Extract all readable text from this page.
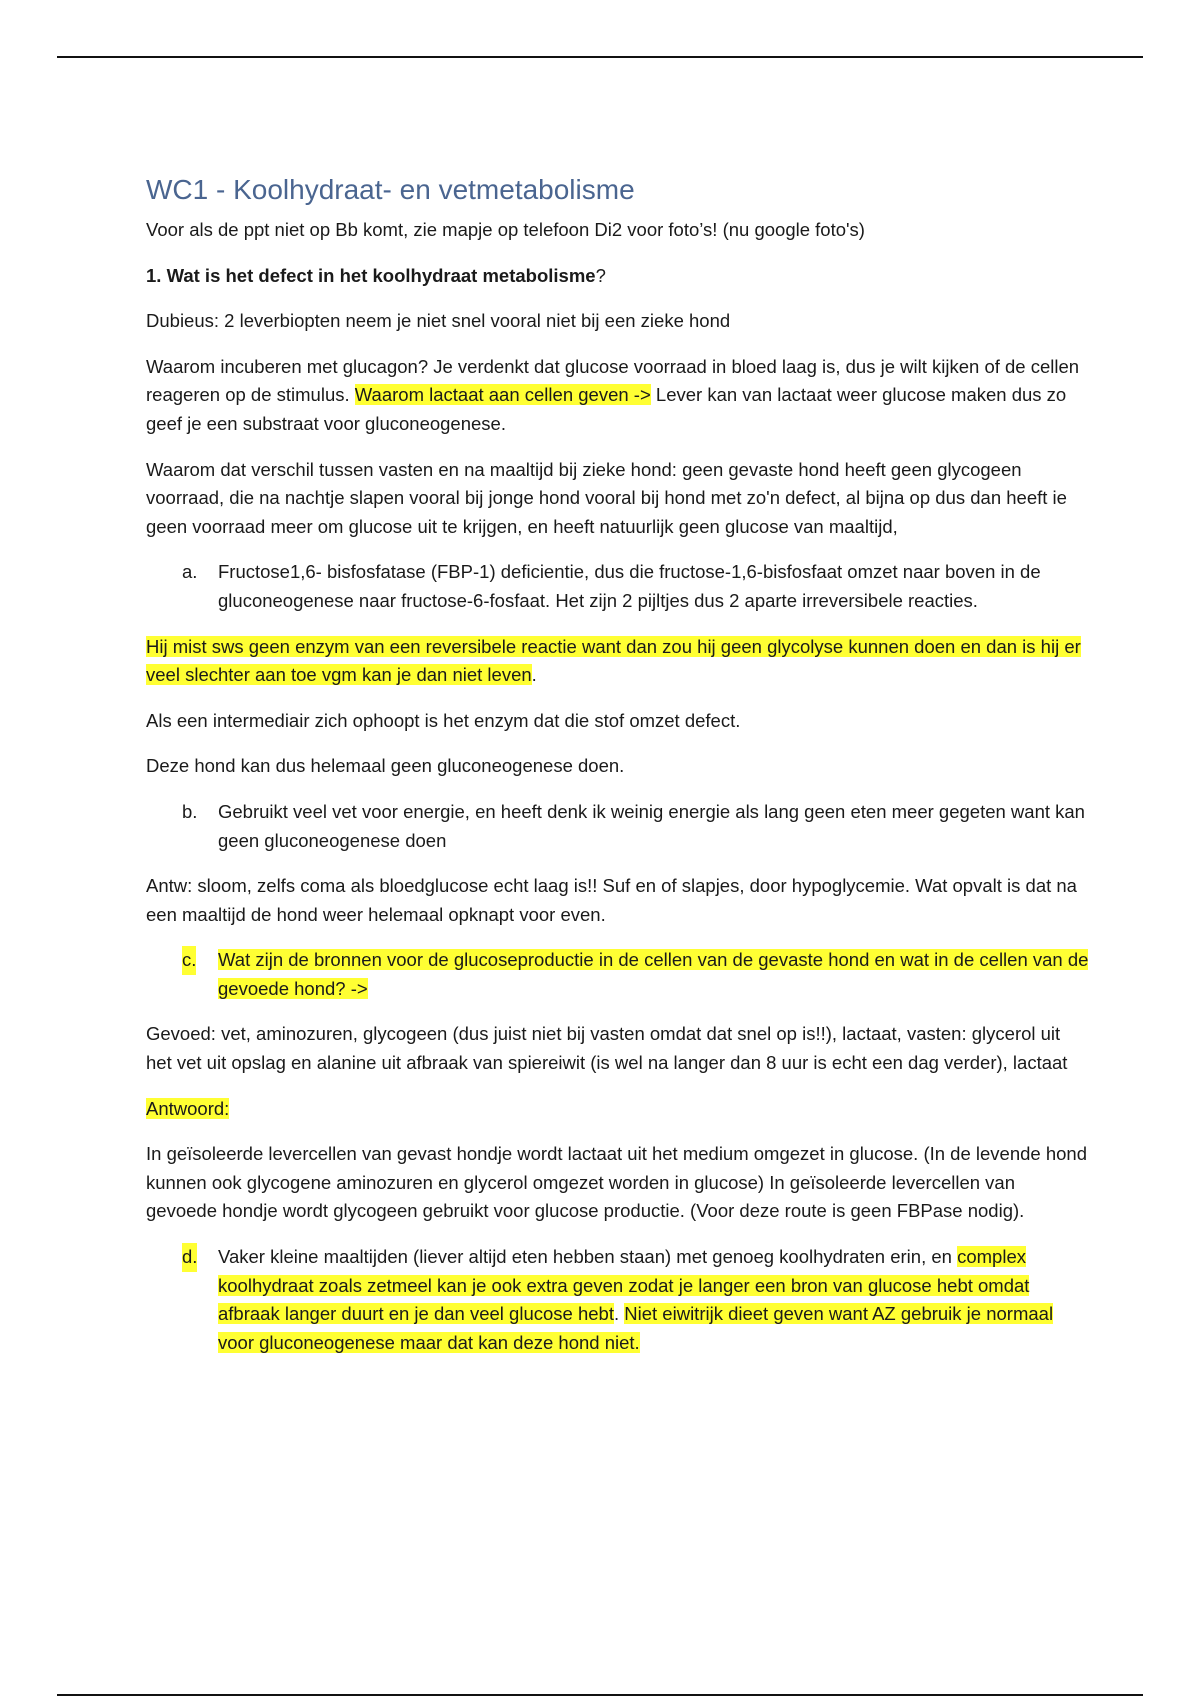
WC1 - Koolhydraat- en vetmetabolisme

Voor als de ppt niet op Bb komt, zie mapje op telefoon Di2 voor foto’s! (nu google foto's)

1. Wat is het defect in het koolhydraat metabolisme?

Dubieus: 2 leverbiopten neem je niet snel vooral niet bij een zieke hond

Waarom incuberen met glucagon? Je verdenkt dat glucose voorraad in bloed laag is, dus je wilt kijken of de cellen reageren op de stimulus. Waarom lactaat aan cellen geven -> Lever kan van lactaat weer glucose maken dus zo geef je een substraat voor gluconeogenese.

Waarom dat verschil tussen vasten en na maaltijd bij zieke hond: geen gevaste hond heeft geen glycogeen voorraad, die na nachtje slapen vooral bij jonge hond vooral bij hond met zo'n defect, al bijna op dus dan heeft ie geen voorraad meer om glucose uit te krijgen, en heeft natuurlijk geen glucose van maaltijd,

a. Fructose1,6- bisfosfatase (FBP-1) deficientie, dus die fructose-1,6-bisfosfaat omzet naar boven in de gluconeogenese naar fructose-6-fosfaat. Het zijn 2 pijltjes dus 2 aparte irreversibele reacties.

Hij mist sws geen enzym van een reversibele reactie want dan zou hij geen glycolyse kunnen doen en dan is hij er veel slechter aan toe vgm kan je dan niet leven.

Als een intermediair zich ophoopt is het enzym dat die stof omzet defect.

Deze hond kan dus helemaal geen gluconeogenese doen.

b. Gebruikt veel vet voor energie, en heeft denk ik weinig energie als lang geen eten meer gegeten want kan geen gluconeogenese doen

Antw: sloom, zelfs coma als bloedglucose echt laag is!! Suf en of slapjes, door hypoglycemie. Wat opvalt is dat na een maaltijd de hond weer helemaal opknapt voor even.

c. Wat zijn de bronnen voor de glucoseproductie in de cellen van de gevaste hond en wat in de cellen van de gevoede hond? ->

Gevoed: vet, aminozuren, glycogeen (dus juist niet bij vasten omdat dat snel op is!!), lactaat, vasten: glycerol uit het vet uit opslag en alanine uit afbraak van spiereiwit (is wel na langer dan 8 uur is echt een dag verder), lactaat

Antwoord:

In geïsoleerde levercellen van gevast hondje wordt lactaat uit het medium omgezet in glucose. (In de levende hond kunnen ook glycogene aminozuren en glycerol omgezet worden in glucose) In geïsoleerde levercellen van gevoede hondje wordt glycogeen gebruikt voor glucose productie. (Voor deze route is geen FBPase nodig).

d. Vaker kleine maaltijden (liever altijd eten hebben staan) met genoeg koolhydraten erin, en complex koolhydraat zoals zetmeel kan je ook extra geven zodat je langer een bron van glucose hebt omdat afbraak langer duurt en je dan veel glucose hebt. Niet eiwitrijk dieet geven want AZ gebruik je normaal voor gluconeogenese maar dat kan deze hond niet.
